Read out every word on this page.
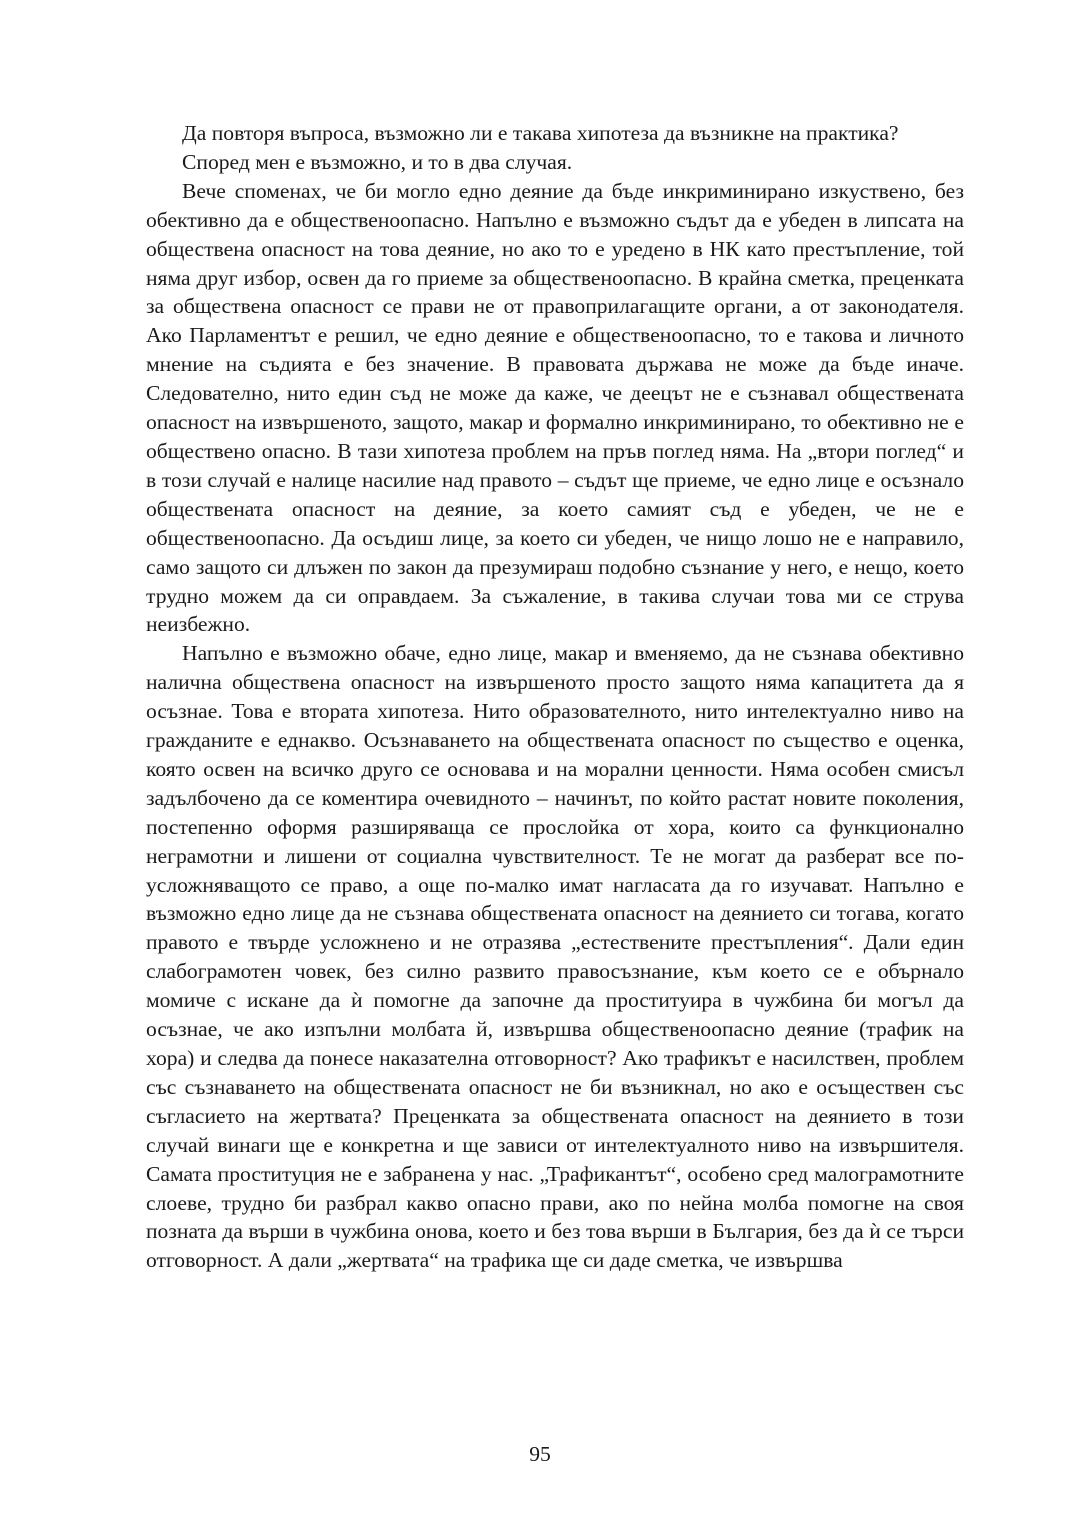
Да повторя въпроса, възможно ли е такава хипотеза да възникне на практика?

Според мен е възможно, и то в два случая.

Вече споменах, че би могло едно деяние да бъде инкриминирано изкуствено, без обективно да е общественоопасно. Напълно е възможно съдът да е убеден в липсата на обществена опасност на това деяние, но ако то е уредено в НК като престъпление, той няма друг избор, освен да го приеме за общественоопасно. В крайна сметка, преценката за обществена опасност се прави не от правоприлагащите органи, а от законодателя. Ако Парламентът е решил, че едно деяние е общественоопасно, то е такова и личното мнение на съдията е без значение. В правовата държава не може да бъде иначе. Следователно, нито един съд не може да каже, че деецът не е съзнавал обществената опасност на извършеното, защото, макар и формално инкриминирано, то обективно не е обществено опасно. В тази хипотеза проблем на пръв поглед няма. На „втори поглед“ и в този случай е налице насилие над правото – съдът ще приеме, че едно лице е осъзнало обществената опасност на деяние, за което самият съд е убеден, че не е общественоопасно. Да осъдиш лице, за което си убеден, че нищо лошо не е направило, само защото си длъжен по закон да презумираш подобно съзнание у него, е нещо, което трудно можем да си оправдаем. За съжаление, в такива случаи това ми се струва неизбежно.

Напълно е възможно обаче, едно лице, макар и вменяемо, да не съзнава обективно налична обществена опасност на извършеното просто защото няма капацитета да я осъзнае. Това е втората хипотеза. Нито образователното, нито интелектуално ниво на гражданите е еднакво. Осъзнаването на обществената опасност по същество е оценка, която освен на всичко друго се основава и на морални ценности. Няма особен смисъл задълбочено да се коментира очевидното – начинът, по който растат новите поколения, постепенно оформя разширяваща се прослойка от хора, които са функционално неграмотни и лишени от социална чувствителност. Те не могат да разберат все по-усложняващото се право, а още по-малко имат нагласата да го изучават. Напълно е възможно едно лице да не съзнава обществената опасност на деянието си тогава, когато правото е твърде усложнено и не отразява „естествените престъпления“. Дали един слабограмотен човек, без силно развито правосъзнание, към което се е обърнало момиче с искане да ѝ помогне да започне да проституира в чужбина би могъл да осъзнае, че ако изпълни молбата й, извършва общественоопасно деяние (трафик на хора) и следва да понесе наказателна отговорност? Ако трафикът е насилствен, проблем със съзнаването на обществената опасност не би възникнал, но ако е осъществен със съгласието на жертвата? Преценката за обществената опасност на деянието в този случай винаги ще е конкретна и ще зависи от интелектуалното ниво на извършителя. Самата проституция не е забранена у нас. „Трафикантът“, особено сред малограмотните слоеве, трудно би разбрал какво опасно прави, ако по нейна молба помогне на своя позната да върши в чужбина онова, което и без това върши в България, без да ѝ се търси отговорност. А дали „жертвата“ на трафика ще си даде сметка, че извършва

95
